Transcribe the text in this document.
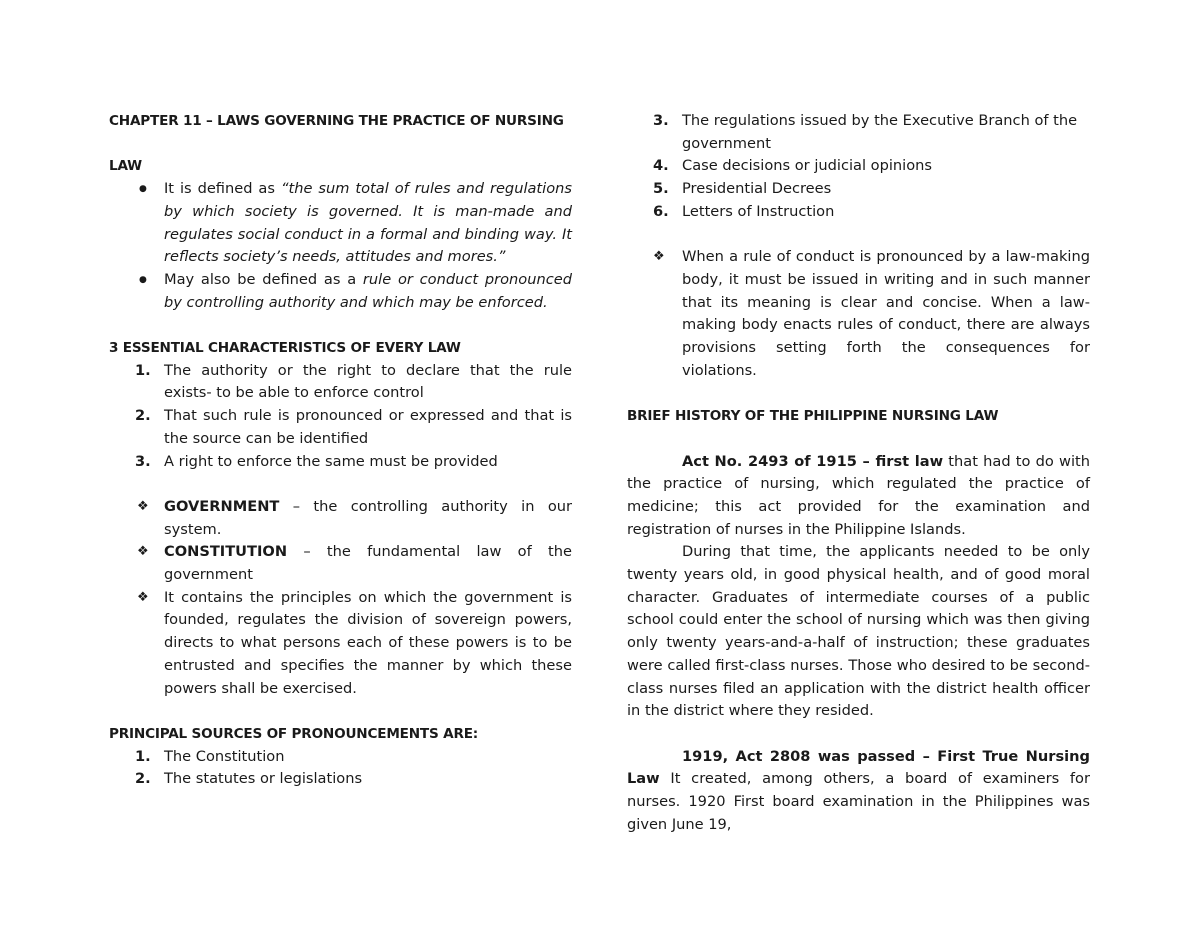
CHAPTER 11 – LAWS GOVERNING THE PRACTICE OF NURSING

LAW

● It is defined as “the sum total of rules and regulations by which society is governed. It is man-made and regulates social conduct in a formal and binding way. It reflects society’s needs, attitudes and mores.”
● May also be defined as a rule or conduct pronounced by controlling authority and which may be enforced.

3 ESSENTIAL CHARACTERISTICS OF EVERY LAW

1. The authority or the right to declare that the rule exists- to be able to enforce control
2. That such rule is pronounced or expressed and that is the source can be identified
3. A right to enforce the same must be provided
❖ GOVERNMENT – the controlling authority in our system.
❖ CONSTITUTION – the fundamental law of the government
❖ It contains the principles on which the government is founded, regulates the division of sovereign powers, directs to what persons each of these powers is to be entrusted and specifies the manner by which these powers shall be exercised.

PRINCIPAL SOURCES OF PRONOUNCEMENTS ARE:

1. The Constitution
2. The statutes or legislations
3. The regulations issued by the Executive Branch of the government
4. Case decisions or judicial opinions
5. Presidential Decrees
6. Letters of Instruction
❖ When a rule of conduct is pronounced by a law-making body, it must be issued in writing and in such manner that its meaning is clear and concise. When a law-making body enacts rules of conduct, there are always provisions setting forth the consequences for violations.

BRIEF HISTORY OF THE PHILIPPINE NURSING LAW

Act No. 2493 of 1915 – first law that had to do with the practice of nursing, which regulated the practice of medicine; this act provided for the examination and registration of nurses in the Philippine Islands.

During that time, the applicants needed to be only twenty years old, in good physical health, and of good moral character. Graduates of intermediate courses of a public school could enter the school of nursing which was then giving only twenty years-and-a-half of instruction; these graduates were called first-class nurses. Those who desired to be second- class nurses filed an application with the district health officer in the district where they resided.

1919, Act 2808 was passed – First True Nursing Law It created, among others, a board of examiners for nurses. 1920 First board examination in the Philippines was given June 19,
